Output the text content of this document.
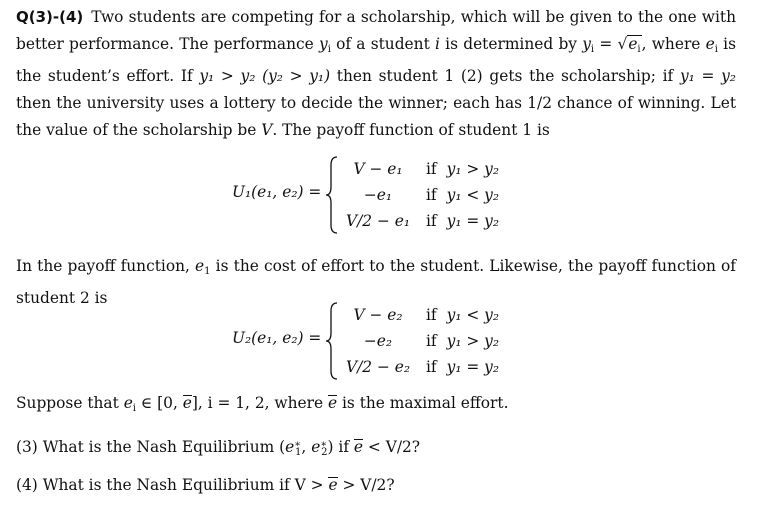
Q(3)-(4) Two students are competing for a scholarship, which will be given to the one with better performance. The performance $y_i$ of a student i is determined by $y_i = √e_i$, where $e_i$ is the student’s effort. If y₁ > y₂ (y₂ > y₁) then student 1 (2) gets the scholarship; if y₁ = y₂ then the university uses a lottery to decide the winner; each has 1/2 chance of winning. Let the value of the scholarship be V. The payoff function of student 1 is
U₁(e₁, e₂) =
V − e₁	if y₁ > y₂
−e₁	if y₁ < y₂
V/2 − e₁	if y₁ = y₂
In the payoff function, $e_1$ is the cost of effort to the student. Likewise, the payoff function of student 2 is
U₂(e₁, e₂) =
V − e₂	if y₁ < y₂
−e₂	if y₁ > y₂
V/2 − e₂	if y₁ = y₂
Suppose that $e_i$ ∈ [0, e], i = 1, 2, where e is the maximal effort.
(3) What is the Nash Equilibrium ($e^∗_1$, $e^∗_2$) if e < V/2?
(4) What is the Nash Equilibrium if V > e > V/2?
